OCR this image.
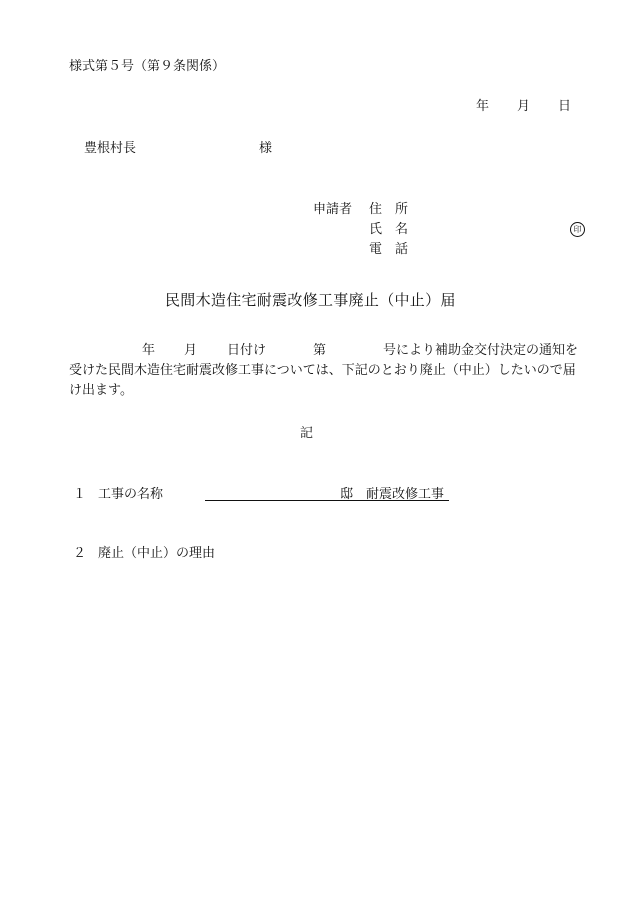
様式第５号（第９条関係）
年 月 日
豊根村長	様
申請者 住　所
氏　名
電　話
印
民間木造住宅耐震改修工事廃止（中止）届
年 月 日付け	第	号により補助金交付決定の通知を
受けた民間木造住宅耐震改修工事については、下記のとおり廃止（中止）したいので届
け出ます。
記
１ 工事の名称	邸　耐震改修工事
２ 廃止（中止）の理由
